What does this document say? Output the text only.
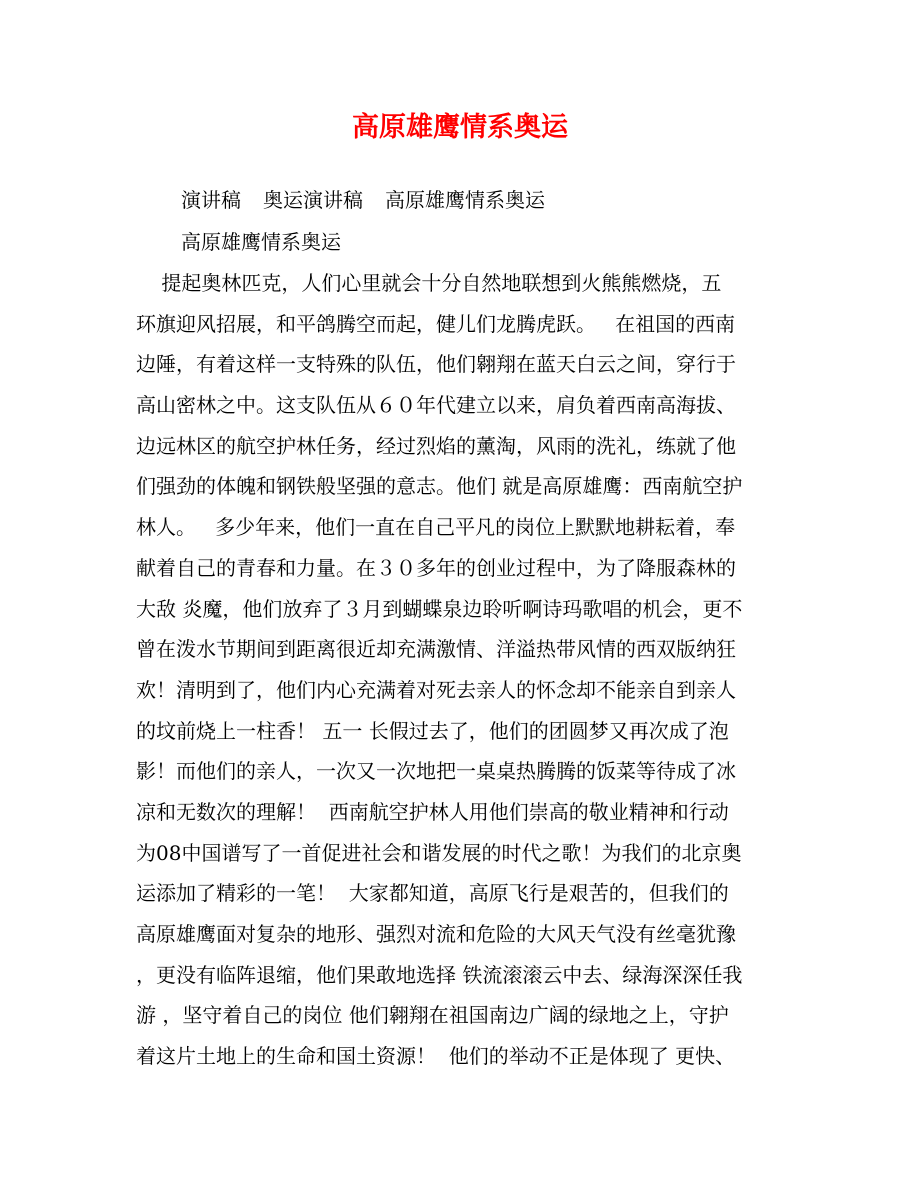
高原雄鹰情系奥运
演讲稿 奥运演讲稿 高原雄鹰情系奥运
高原雄鹰情系奥运
提起奥林匹克，人们心里就会十分自然地联想到火熊熊燃烧，五
环旗迎风招展，和平鸽腾空而起，健儿们龙腾虎跃。   在祖国的西南
边陲，有着这样一支特殊的队伍，他们翱翔在蓝天白云之间，穿行于
高山密林之中。这支队伍从６０年代建立以来，肩负着西南高海拔、
边远林区的航空护林任务，经过烈焰的薰淘，风雨的洗礼，练就了他
们强劲的体魄和钢铁般坚强的意志。他们 就是高原雄鹰：西南航空护
林人。   多少年来，他们一直在自己平凡的岗位上默默地耕耘着，奉
献着自己的青春和力量。在３０多年的创业过程中，为了降服森林的
大敌 炎魔，他们放弃了３月到蝴蝶泉边聆听啊诗玛歌唱的机会，更不
曾在泼水节期间到距离很近却充满激情、洋溢热带风情的西双版纳狂
欢！清明到了，他们内心充满着对死去亲人的怀念却不能亲自到亲人
的坟前烧上一柱香！ 五一 长假过去了，他们的团圆梦又再次成了泡
影！而他们的亲人，一次又一次地把一桌桌热腾腾的饭菜等待成了冰
凉和无数次的理解！  西南航空护林人用他们崇高的敬业精神和行动
为08中国谱写了一首促进社会和谐发展的时代之歌！为我们的北京奥
运添加了精彩的一笔！  大家都知道，高原飞行是艰苦的，但我们的
高原雄鹰面对复杂的地形、强烈对流和危险的大风天气没有丝毫犹豫
，更没有临阵退缩，他们果敢地选择 铁流滚滚云中去、绿海深深任我
游 ，坚守着自己的岗位 他们翱翔在祖国南边广阔的绿地之上，守护
着这片土地上的生命和国土资源！  他们的举动不正是体现了 更快、
